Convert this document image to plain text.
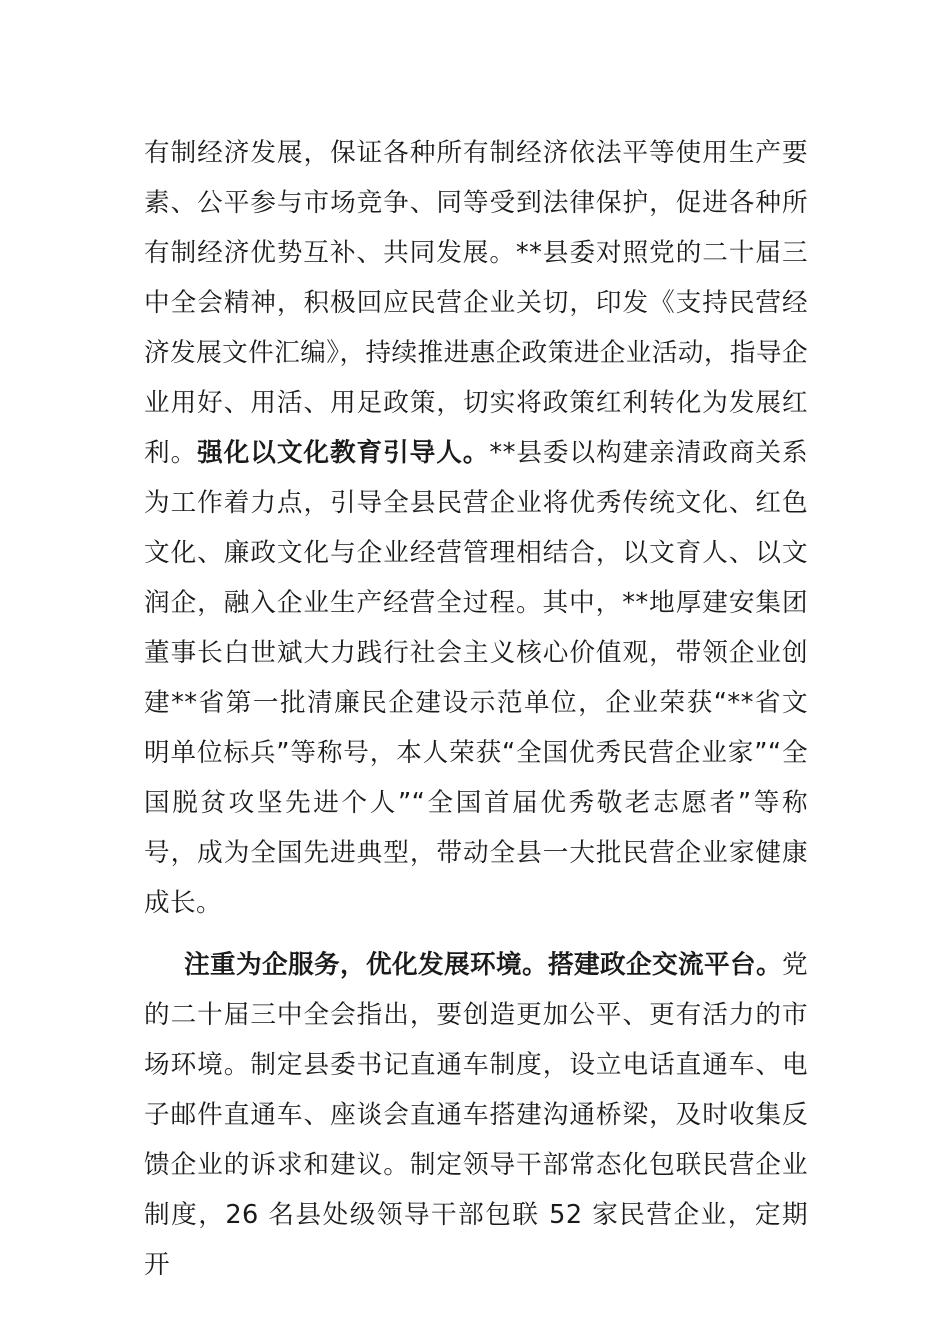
有制经济发展，保证各种所有制经济依法平等使用生产要素、公平参与市场竞争、同等受到法律保护，促进各种所有制经济优势互补、共同发展。**县委对照党的二十届三中全会精神，积极回应民营企业关切，印发《支持民营经济发展文件汇编》，持续推进惠企政策进企业活动，指导企业用好、用活、用足政策，切实将政策红利转化为发展红利。强化以文化教育引导人。**县委以构建亲清政商关系为工作着力点，引导全县民营企业将优秀传统文化、红色文化、廉政文化与企业经营管理相结合，以文育人、以文润企，融入企业生产经营全过程。其中，**地厚建安集团董事长白世斌大力践行社会主义核心价值观，带领企业创建**省第一批清廉民企建设示范单位，企业荣获“**省文明单位标兵”等称号，本人荣获“全国优秀民营企业家”“全国脱贫攻坚先进个人”“全国首届优秀敬老志愿者”等称号，成为全国先进典型，带动全县一大批民营企业家健康成长。

注重为企服务，优化发展环境。搭建政企交流平台。党的二十届三中全会指出，要创造更加公平、更有活力的市场环境。制定县委书记直通车制度，设立电话直通车、电子邮件直通车、座谈会直通车搭建沟通桥梁，及时收集反馈企业的诉求和建议。制定领导干部常态化包联民营企业制度，26 名县处级领导干部包联 52 家民营企业，定期开
